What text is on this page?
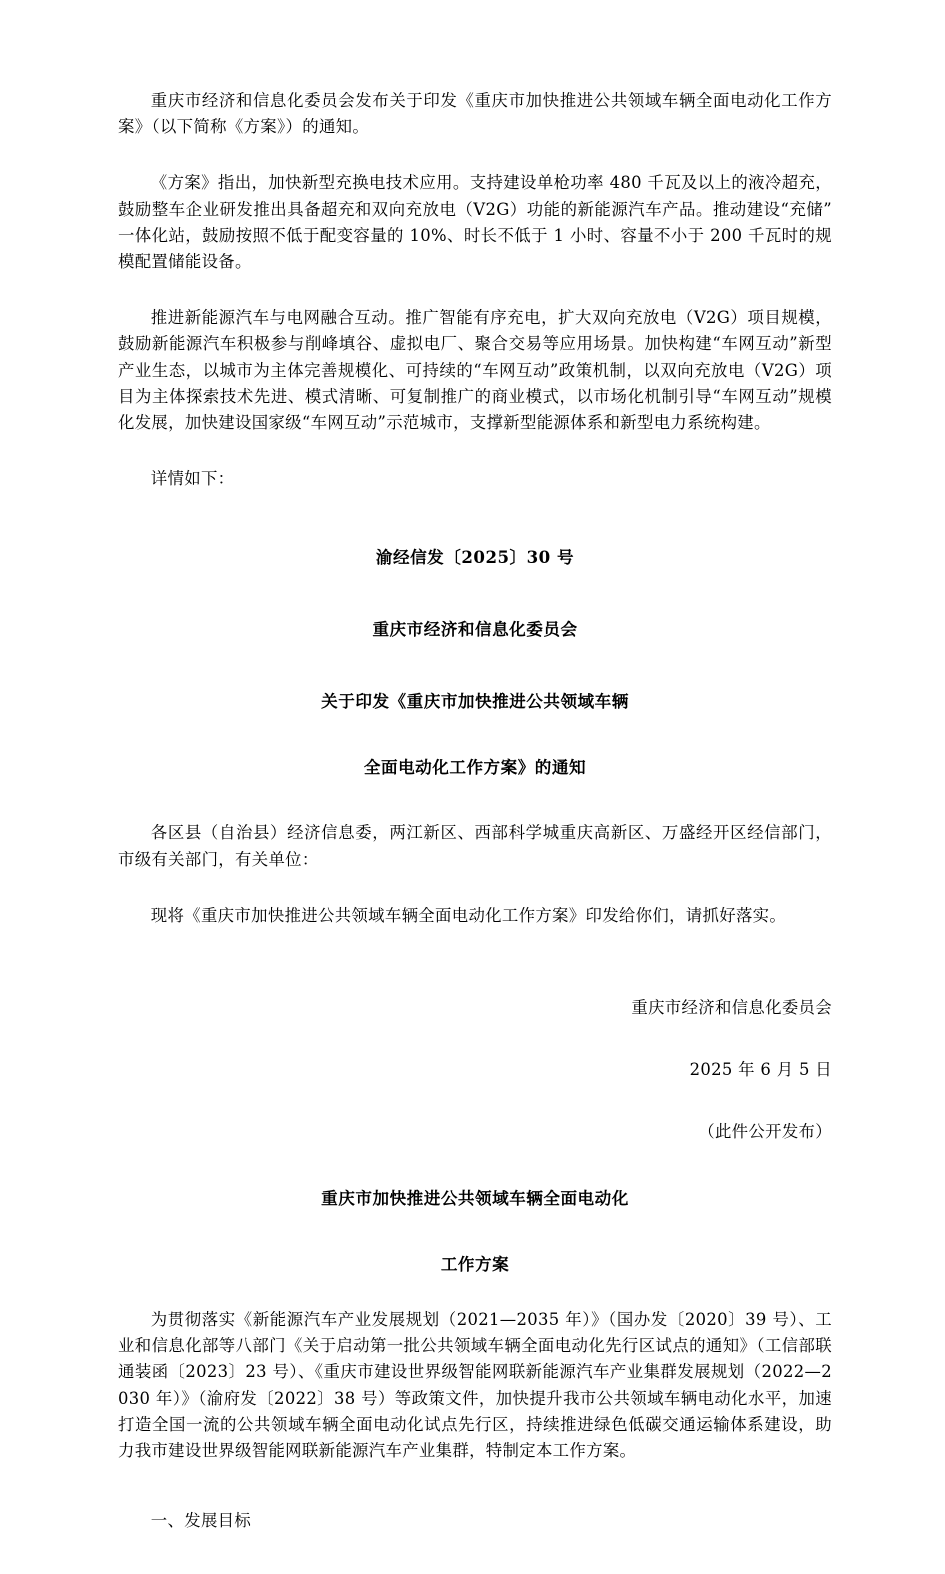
重庆市经济和信息化委员会发布关于印发《重庆市加快推进公共领域车辆全面电动化工作方案》（以下简称《方案》）的通知。

《方案》指出，加快新型充换电技术应用。支持建设单枪功率 480 千瓦及以上的液冷超充，鼓励整车企业研发推出具备超充和双向充放电（V2G）功能的新能源汽车产品。推动建设“充储”一体化站，鼓励按照不低于配变容量的 10%、时长不低于 1 小时、容量不小于 200 千瓦时的规模配置储能设备。

推进新能源汽车与电网融合互动。推广智能有序充电，扩大双向充放电（V2G）项目规模，鼓励新能源汽车积极参与削峰填谷、虚拟电厂、聚合交易等应用场景。加快构建“车网互动”新型产业生态，以城市为主体完善规模化、可持续的“车网互动”政策机制，以双向充放电（V2G）项目为主体探索技术先进、模式清晰、可复制推广的商业模式，以市场化机制引导“车网互动”规模化发展，加快建设国家级“车网互动”示范城市，支撑新型能源体系和新型电力系统构建。

详情如下：

渝经信发〔2025〕30 号

重庆市经济和信息化委员会

关于印发《重庆市加快推进公共领域车辆

全面电动化工作方案》的通知

各区县（自治县）经济信息委，两江新区、西部科学城重庆高新区、万盛经开区经信部门，市级有关部门，有关单位：

现将《重庆市加快推进公共领域车辆全面电动化工作方案》印发给你们，请抓好落实。

重庆市经济和信息化委员会

2025 年 6 月 5 日

（此件公开发布）

重庆市加快推进公共领域车辆全面电动化

工作方案

为贯彻落实《新能源汽车产业发展规划（2021—2035 年）》（国办发〔2020〕39 号）、工业和信息化部等八部门《关于启动第一批公共领域车辆全面电动化先行区试点的通知》（工信部联通装函〔2023〕23 号）、《重庆市建设世界级智能网联新能源汽车产业集群发展规划（2022—2030 年）》（渝府发〔2022〕38 号）等政策文件，加快提升我市公共领域车辆电动化水平，加速打造全国一流的公共领域车辆全面电动化试点先行区，持续推进绿色低碳交通运输体系建设，助力我市建设世界级智能网联新能源汽车产业集群，特制定本工作方案。

一、发展目标
